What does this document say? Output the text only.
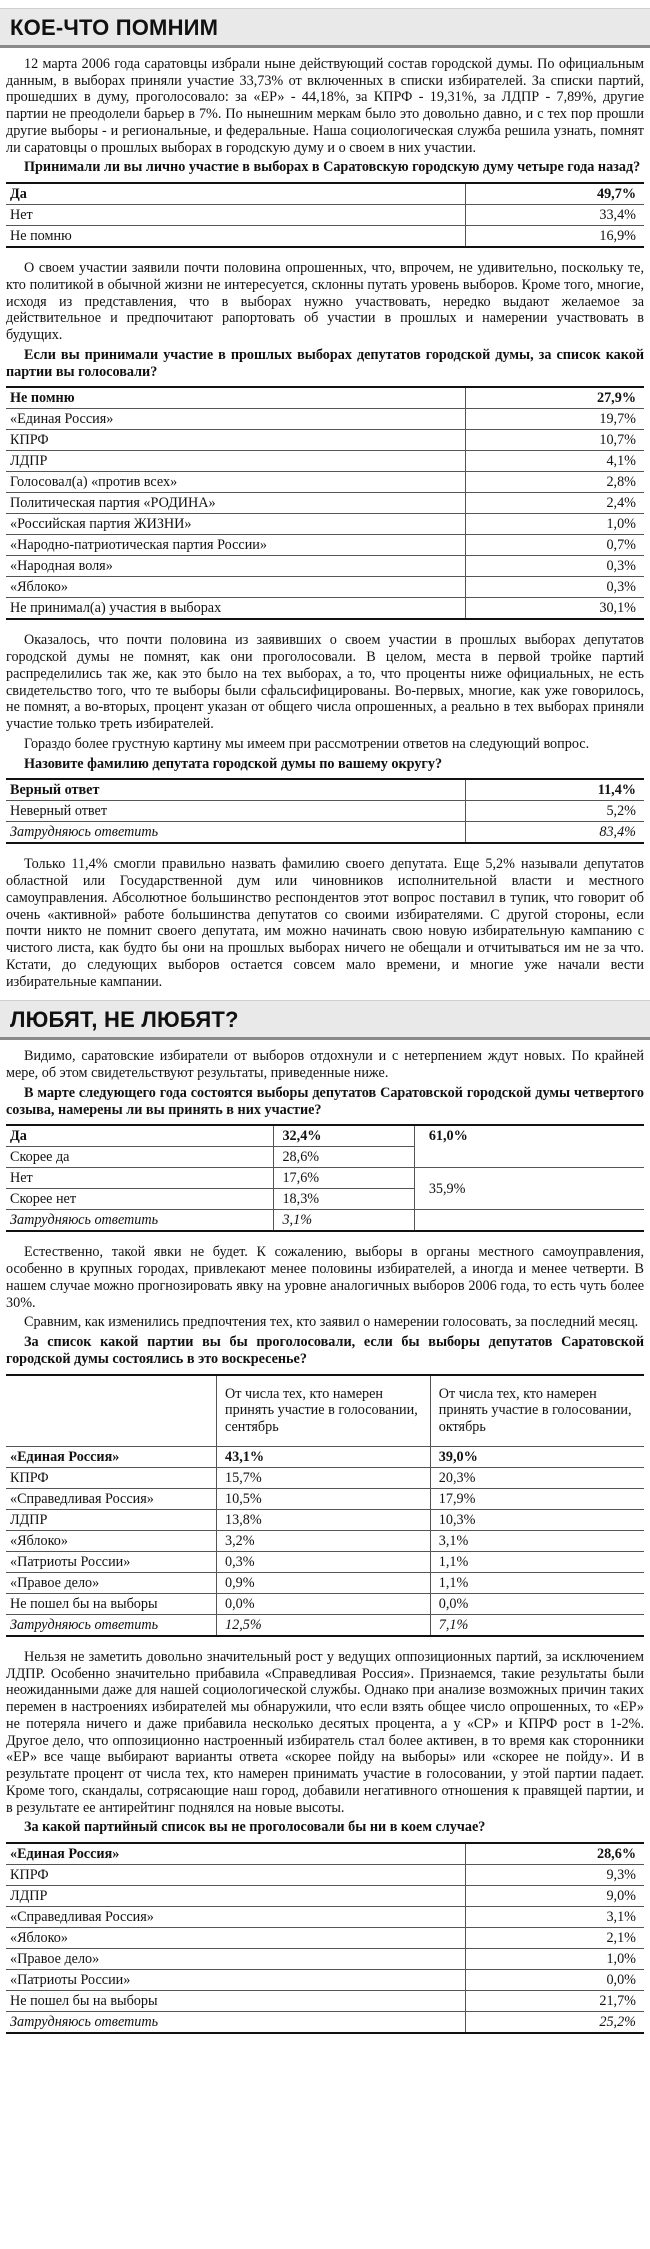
КОЕ-ЧТО ПОМНИМ

12 марта 2006 года саратовцы избрали ныне действующий состав городской думы. По официальным данным, в выборах приняли участие 33,73% от включенных в списки избирателей. За списки партий, прошедших в думу, проголосовало: за «ЕР» - 44,18%, за КПРФ - 19,31%, за ЛДПР - 7,89%, другие партии не преодолели барьер в 7%. По нынешним меркам было это довольно давно, и с тех пор прошли другие выборы - и региональные, и федеральные. Наша социологическая служба решила узнать, помнят ли саратовцы о прошлых выборах в городскую думу и о своем в них участии.

Принимали ли вы лично участие в выборах в Саратовскую городскую думу четыре года назад?

Да	49,7%
Нет	33,4%
Не помню	16,9%

О своем участии заявили почти половина опрошенных, что, впрочем, не удивительно, поскольку те, кто политикой в обычной жизни не интересуется, склонны путать уровень выборов. Кроме того, многие, исходя из представления, что в выборах нужно участвовать, нередко выдают желаемое за действительное и предпочитают рапортовать об участии в прошлых и намерении участвовать в будущих.

Если вы принимали участие в прошлых выборах депутатов городской думы, за список какой партии вы голосовали?

Не помню	27,9%
«Единая Россия»	19,7%
КПРФ	10,7%
ЛДПР	4,1%
Голосовал(а) «против всех»	2,8%
Политическая партия «РОДИНА»	2,4%
«Российская партия ЖИЗНИ»	1,0%
«Народно-патриотическая партия России»	0,7%
«Народная воля»	0,3%
«Яблоко»	0,3%
Не принимал(а) участия в выборах	30,1%

Оказалось, что почти половина из заявивших о своем участии в прошлых выборах депутатов городской думы не помнят, как они проголосовали. В целом, места в первой тройке партий распределились так же, как это было на тех выборах, а то, что проценты ниже официальных, не есть свидетельство того, что те выборы были сфальсифицированы. Во-первых, многие, как уже говорилось, не помнят, а во-вторых, процент указан от общего числа опрошенных, а реально в тех выборах приняли участие только треть избирателей.

Гораздо более грустную картину мы имеем при рассмотрении ответов на следующий вопрос.

Назовите фамилию депутата городской думы по вашему округу?

Верный ответ	11,4%
Неверный ответ	5,2%
Затрудняюсь ответить	83,4%

Только 11,4% смогли правильно назвать фамилию своего депутата. Еще 5,2% называли депутатов областной или Государственной дум или чиновников исполнительной власти и местного самоуправления. Абсолютное большинство респондентов этот вопрос поставил в тупик, что говорит об очень «активной» работе большинства депутатов со своими избирателями. С другой стороны, если почти никто не помнит своего депутата, им можно начинать свою новую избирательную кампанию с чистого листа, как будто бы они на прошлых выборах ничего не обещали и отчитываться им не за что. Кстати, до следующих выборов остается совсем мало времени, и многие уже начали вести избирательные кампании.

ЛЮБЯТ, НЕ ЛЮБЯТ?

Видимо, саратовские избиратели от выборов отдохнули и с нетерпением ждут новых. По крайней мере, об этом свидетельствуют результаты, приведенные ниже.

В марте следующего года состоятся выборы депутатов Саратовской городской думы четвертого созыва, намерены ли вы принять в них участие?

Да	32,4%	61,0%
Скорее да	28,6%	
Нет	17,6%	35,9%
Скорее нет	18,3%	
Затрудняюсь ответить	3,1%	

Естественно, такой явки не будет. К сожалению, выборы в органы местного самоуправления, особенно в крупных городах, привлекают менее половины избирателей, а иногда и менее четверти. В нашем случае можно прогнозировать явку на уровне аналогичных выборов 2006 года, то есть чуть более 30%.

Сравним, как изменились предпочтения тех, кто заявил о намерении голосовать, за последний месяц.

За список какой партии вы бы проголосовали, если бы выборы депутатов Саратовской городской думы состоялись в это воскресенье?

	От числа тех, кто намерен принять участие в голосовании, сентябрь	От числа тех, кто намерен принять участие в голосовании, октябрь
«Единая Россия»	43,1%	39,0%
КПРФ	15,7%	20,3%
«Справедливая Россия»	10,5%	17,9%
ЛДПР	13,8%	10,3%
«Яблоко»	3,2%	3,1%
«Патриоты России»	0,3%	1,1%
«Правое дело»	0,9%	1,1%
Не пошел бы на выборы	0,0%	0,0%
Затрудняюсь ответить	12,5%	7,1%

Нельзя не заметить довольно значительный рост у ведущих оппозиционных партий, за исключением ЛДПР. Особенно значительно прибавила «Справедливая Россия». Признаемся, такие результаты были неожиданными даже для нашей социологической службы. Однако при анализе возможных причин таких перемен в настроениях избирателей мы обнаружили, что если взять общее число опрошенных, то «ЕР» не потеряла ничего и даже прибавила несколько десятых процента, а у «СР» и КПРФ рост в 1-2%. Другое дело, что оппозиционно настроенный избиратель стал более активен, в то время как сторонники «ЕР» все чаще выбирают варианты ответа «скорее пойду на выборы» или «скорее не пойду». И в результате процент от числа тех, кто намерен принимать участие в голосовании, у этой партии падает. Кроме того, скандалы, сотрясающие наш город, добавили негативного отношения к правящей партии, и в результате ее антирейтинг поднялся на новые высоты.

За какой партийный список вы не проголосовали бы ни в коем случае?

«Единая Россия»	28,6%
КПРФ	9,3%
ЛДПР	9,0%
«Справедливая Россия»	3,1%
«Яблоко»	2,1%
«Правое дело»	1,0%
«Патриоты России»	0,0%
Не пошел бы на выборы	21,7%
Затрудняюсь ответить	25,2%
